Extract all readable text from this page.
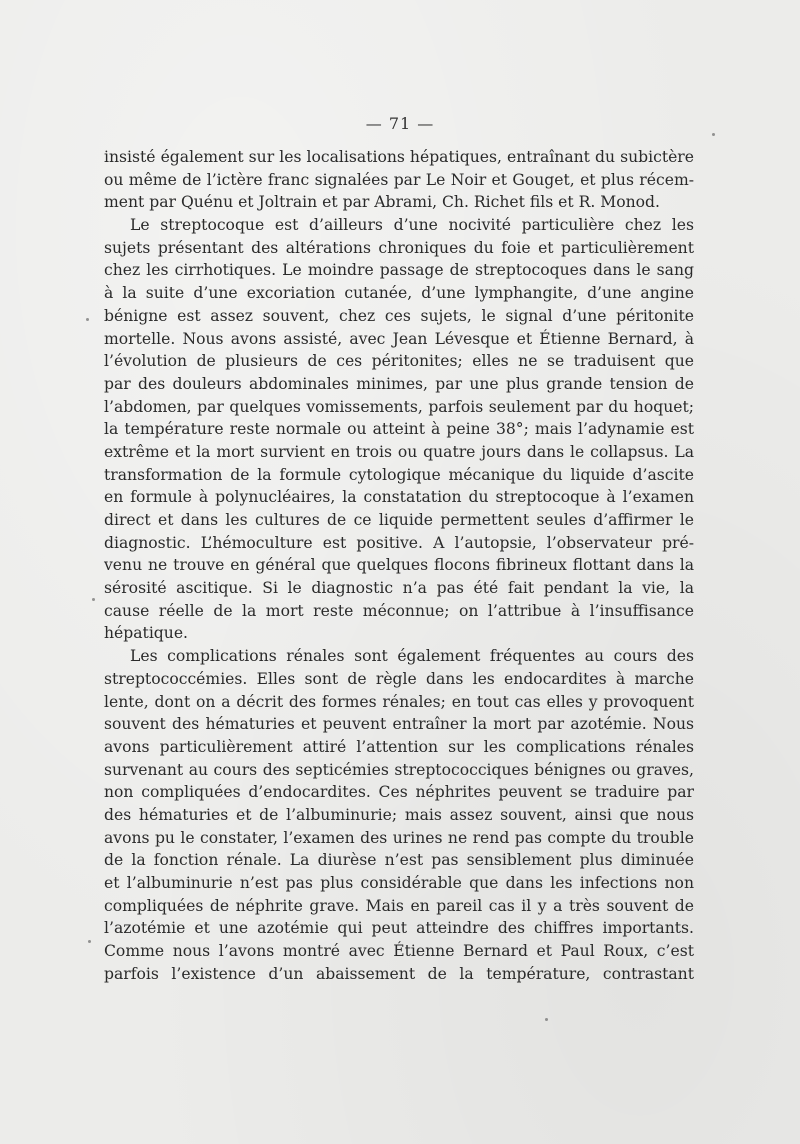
— 71 —
insisté également sur les localisations hépatiques, entraînant du subictère
ou même de l’ictère franc signalées par Le Noir et Gouget, et plus récem-
ment par Quénu et Joltrain et par Abrami, Ch. Richet fils et R. Monod.
Le streptocoque est d’ailleurs d’une nocivité particulière chez les
sujets présentant des altérations chroniques du foie et particulièrement
chez les cirrhotiques. Le moindre passage de streptocoques dans le sang
à la suite d’une excoriation cutanée, d’une lymphangite, d’une angine
bénigne est assez souvent, chez ces sujets, le signal d’une péritonite
mortelle. Nous avons assisté, avec Jean Lévesque et Étienne Bernard, à
l’évolution de plusieurs de ces péritonites; elles ne se traduisent que
par des douleurs abdominales minimes, par une plus grande tension de
l’abdomen, par quelques vomissements, parfois seulement par du hoquet;
la température reste normale ou atteint à peine 38°; mais l’adynamie est
extrême et la mort survient en trois ou quatre jours dans le collapsus. La
transformation de la formule cytologique mécanique du liquide d’ascite
en formule à polynucléaires, la constatation du streptocoque à l’examen
direct et dans les cultures de ce liquide permettent seules d’affirmer le
diagnostic. L’hémoculture est positive. A l’autopsie, l’observateur pré-
venu ne trouve en général que quelques flocons fibrineux flottant dans la
sérosité ascitique. Si le diagnostic n’a pas été fait pendant la vie, la
cause réelle de la mort reste méconnue; on l’attribue à l’insuffisance
hépatique.
Les complications rénales sont également fréquentes au cours des
streptococcémies. Elles sont de règle dans les endocardites à marche
lente, dont on a décrit des formes rénales; en tout cas elles y provoquent
souvent des hématuries et peuvent entraîner la mort par azotémie. Nous
avons particulièrement attiré l’attention sur les complications rénales
survenant au cours des septicémies streptococciques bénignes ou graves,
non compliquées d’endocardites. Ces néphrites peuvent se traduire par
des hématuries et de l’albuminurie; mais assez souvent, ainsi que nous
avons pu le constater, l’examen des urines ne rend pas compte du trouble
de la fonction rénale. La diurèse n’est pas sensiblement plus diminuée
et l’albuminurie n’est pas plus considérable que dans les infections non
compliquées de néphrite grave. Mais en pareil cas il y a très souvent de
l’azotémie et une azotémie qui peut atteindre des chiffres importants.
Comme nous l’avons montré avec Étienne Bernard et Paul Roux, c’est
parfois l’existence d’un abaissement de la température, contrastant
